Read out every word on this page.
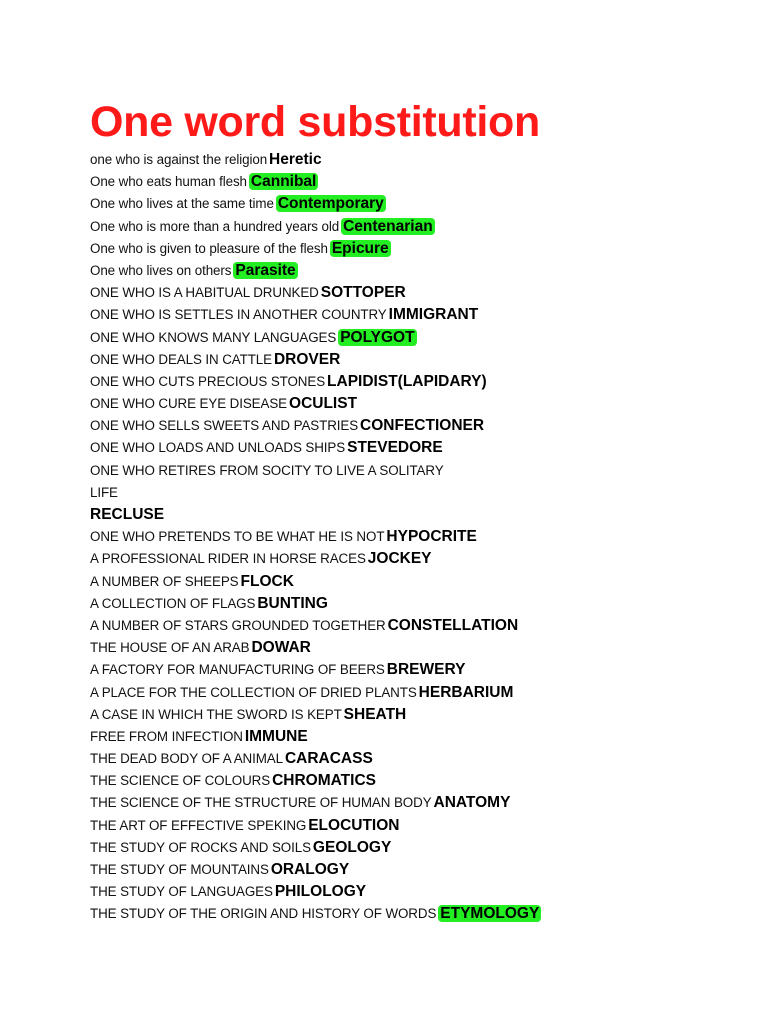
One word substitution
one who is against the religion Heretic
One who eats human flesh Cannibal
One who lives at the same time Contemporary
One who is more than a hundred years old Centenarian
One who is given to pleasure of the flesh Epicure
One who lives on others Parasite
ONE WHO IS A HABITUAL DRUNKED SOTTOPER
ONE WHO IS SETTLES IN ANOTHER COUNTRY IMMIGRANT
ONE WHO KNOWS MANY LANGUAGES POLYGOT
ONE WHO DEALS IN CATTLE DROVER
ONE WHO CUTS PRECIOUS STONES LAPIDIST(LAPIDARY)
ONE WHO CURE EYE DISEASE OCULIST
ONE WHO SELLS SWEETS AND PASTRIES CONFECTIONER
ONE WHO LOADS AND UNLOADS SHIPS STEVEDORE
ONE WHO RETIRES FROM SOCITY TO LIVE A SOLITARY
LIFE
RECLUSE
ONE WHO PRETENDS TO BE WHAT HE IS NOT HYPOCRITE
A PROFESSIONAL RIDER IN HORSE RACES JOCKEY
A NUMBER OF SHEEPS FLOCK
A COLLECTION OF FLAGS BUNTING
A NUMBER OF STARS GROUNDED TOGETHER CONSTELLATION
THE HOUSE OF AN ARAB DOWAR
A FACTORY FOR MANUFACTURING OF BEERS BREWERY
A PLACE FOR THE COLLECTION OF DRIED PLANTS HERBARIUM
A CASE IN WHICH THE SWORD IS KEPT SHEATH
FREE FROM INFECTION IMMUNE
THE DEAD BODY OF A ANIMAL CARACASS
THE SCIENCE OF COLOURS CHROMATICS
THE SCIENCE OF THE STRUCTURE OF HUMAN BODY ANATOMY
THE ART OF EFFECTIVE SPEKING ELOCUTION
THE STUDY OF ROCKS AND SOILS GEOLOGY
THE STUDY OF MOUNTAINS ORALOGY
THE STUDY OF LANGUAGES PHILOLOGY
THE STUDY OF THE ORIGIN AND HISTORY OF WORDS ETYMOLOGY
